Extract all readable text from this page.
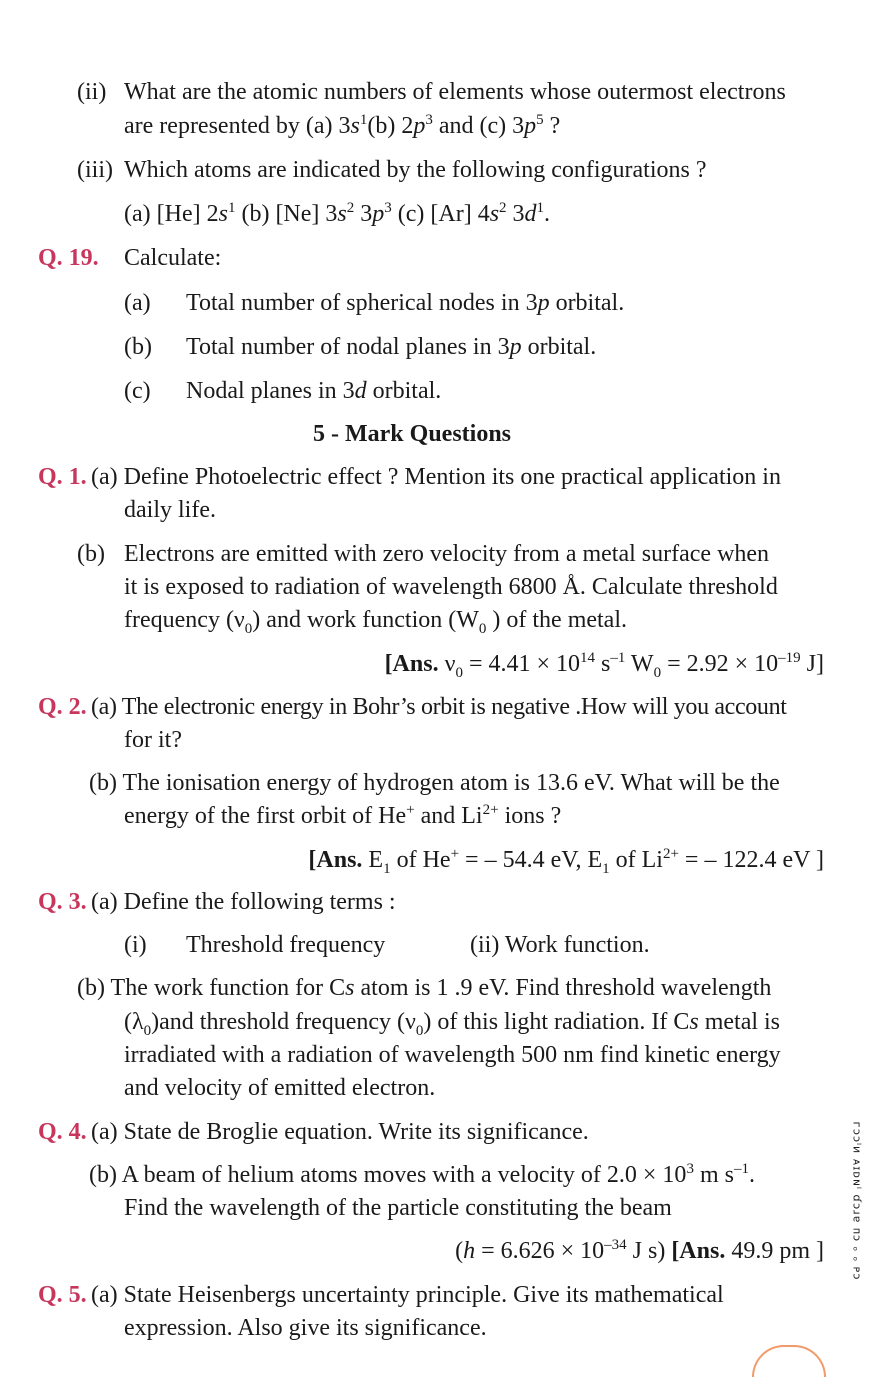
(ii) What are the atomic numbers of elements whose outermost electrons
are represented by (a) $3s^1(b)$ $2p^3$ and (c) $3p^5$ ?
(iii) Which atoms are indicated by the following configurations ?
(a) [He] $2s^1$ (b) [Ne] $3s^2$ $3p^3$ (c) [Ar] $4s^2$ $3d^1$.
Q. 19. Calculate:
(a) Total number of spherical nodes in 3p orbital.
(b) Total number of nodal planes in 3p orbital.
(c) Nodal planes in 3d orbital.
5 - Mark Questions
Q. 1. (a) Define Photoelectric effect ? Mention its one practical application in
daily life.
(b) Electrons are emitted with zero velocity from a metal surface when
it is exposed to radiation of wavelength 6800 Å. Calculate threshold
frequency $(\nu_0)$ and work function ($W_0$ ) of the metal.
[Ans. $\nu_0 = 4.41 \times 10^{14}$ $s^{-1}$ $W_0 = 2.92 \times 10^{-19}$ J]
Q. 2. (a) The electronic energy in Bohr’s orbit is negative .How will you account
for it?
(b) The ionisation energy of hydrogen atom is 13.6 eV. What will be the
energy of the first orbit of He+ and $Li^{2+}$ ions ?
[Ans. $E_1$ of He+ = – 54.4 eV, $E_1$ of $Li^{2+}$ = – 122.4 eV ]
Q. 3. (a) Define the following terms :
(i) Threshold frequency	(ii) Work function.
(b) The work function for Cs atom is 1 .9 eV. Find threshold wavelength
$(\lambda_0)and$ threshold frequency $(\nu_0)$ of this light radiation. If Cs metal is
irradiated with a radiation of wavelength 500 nm find kinetic energy
and velocity of emitted electron.
Q. 4. (a) State de Broglie equation. Write its significance.
(b) A beam of helium atoms moves with a velocity of $2.0 \times 10^3$ m $s^{-1}$.
Find the wavelength of the particle constituting the beam
($h = 6.626 \times 10^{-34}$ J s) [Ans. 49.9 pm ]
Q. 5. (a) State Heisenbergs uncertainty principle. Give its mathematical
expression. Also give its significance.
ᴦᴐᴐᴵᴎ ᴀɪᴅɴᴵ ɗᴐɹɐ ᴨᴐ ₒ ₒ ᴩᴐ
